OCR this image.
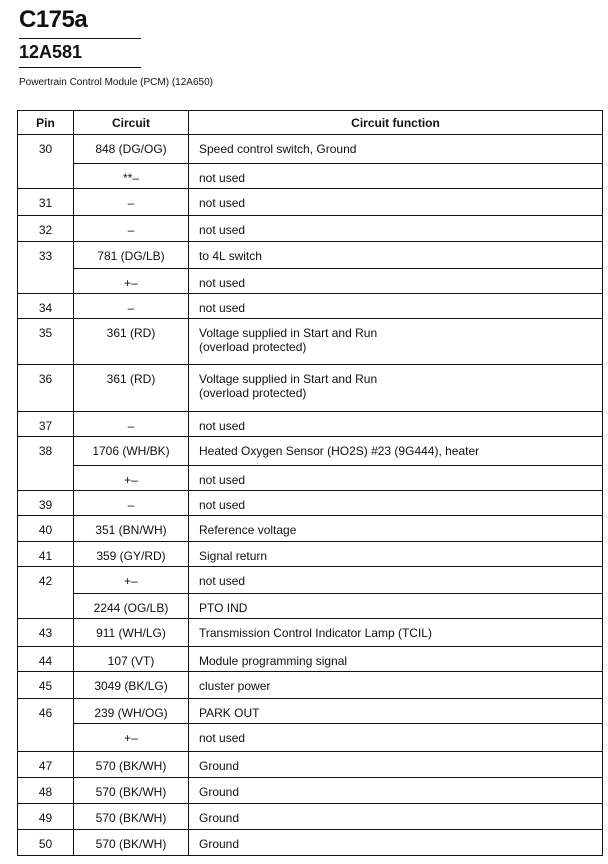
C175a
12A581
Powertrain Control Module (PCM) (12A650)
Pin	Circuit	Circuit function
30	848 (DG/OG)	Speed control switch, Ground

	**–	not used

31	–	not used

32	–	not used

33	781 (DG/LB)	to 4L switch

	+–	not used

34	–	not used

35	361 (RD)	Voltage supplied in Start and Run
(overload protected)

36	361 (RD)	Voltage supplied in Start and Run
(overload protected)

37	–	not used

38	1706 (WH/BK)	Heated Oxygen Sensor (HO2S) #23 (9G444), heater

	+–	not used

39	–	not used

40	351 (BN/WH)	Reference voltage

41	359 (GY/RD)	Signal return

42	+–	not used

	2244 (OG/LB)	PTO IND

43	911 (WH/LG)	Transmission Control Indicator Lamp (TCIL)

44	107 (VT)	Module programming signal

45	3049 (BK/LG)	cluster power

46	239 (WH/OG)	PARK OUT

	+–	not used

47	570 (BK/WH)	Ground

48	570 (BK/WH)	Ground

49	570 (BK/WH)	Ground

50	570 (BK/WH)	Ground
